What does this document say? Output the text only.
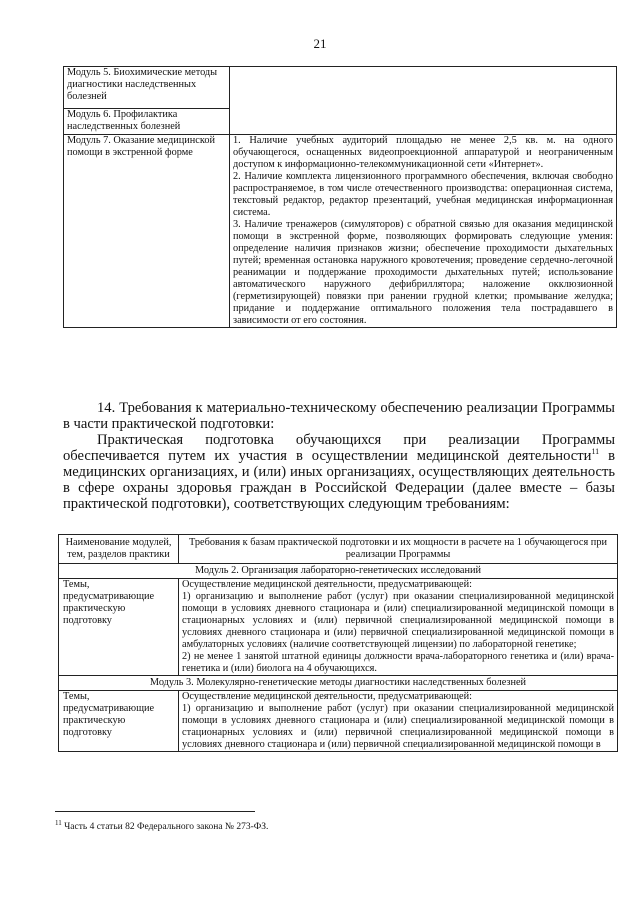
21
Модуль 5. Биохимические методы диагностики наследственных болезней	
Модуль 6. Профилактика наследственных болезней	
Модуль 7. Оказание медицинской помощи в экстренной форме	1. Наличие учебных аудиторий площадью не менее 2,5 кв. м. на одного обучающегося, оснащенных видеопроекционной аппаратурой и неограниченным доступом к информационно-телекоммуникационной сети «Интернет».

2. Наличие комплекта лицензионного программного обеспечения, включая свободно распространяемое, в том числе отечественного производства: операционная система, текстовый редактор, редактор презентаций, учебная медицинская информационная система.

3. Наличие тренажеров (симуляторов) с обратной связью для оказания медицинской помощи в экстренной форме, позволяющих формировать следующие умения: определение наличия признаков жизни; обеспечение проходимости дыхательных путей; временная остановка наружного кровотечения; проведение сердечно-легочной реанимации и поддержание проходимости дыхательных путей; использование автоматического наружного дефибриллятора; наложение окклюзионной (герметизирующей) повязки при ранении грудной клетки; промывание желудка; придание и поддержание оптимального положения тела пострадавшего в зависимости от его состояния.

14. Требования к материально-техническому обеспечению реализации Программы в части практической подготовки:

Практическая подготовка обучающихся при реализации Программы обеспечивается путем их участия в осуществлении медицинской деятельности$^{11}$ в медицинских организациях, и (или) иных организациях, осуществляющих деятельность в сфере охраны здоровья граждан в Российской Федерации (далее вместе – базы практической подготовки), соответствующих следующим требованиям:

Наименование модулей, тем, разделов практики	Требования к базам практической подготовки и их мощности в расчете на 1 обучающегося при реализации Программы
Модуль 2. Организация лабораторно-генетических исследований	
Темы, предусматривающие практическую подготовку	Осуществление медицинской деятельности, предусматривающей:

1) организацию и выполнение работ (услуг) при оказании специализированной медицинской помощи в условиях дневного стационара и (или) специализированной медицинской помощи в стационарных условиях и (или) первичной специализированной медицинской помощи в условиях дневного стационара и (или) первичной специализированной медицинской помощи в амбулаторных условиях (наличие соответствующей лицензии) по лабораторной генетике;

2) не менее 1 занятой штатной единицы должности врача-лабораторного генетика и (или) врача-генетика и (или) биолога на 4 обучающихся.

Модуль 3. Молекулярно-генетические методы диагностики наследственных болезней	
Темы, предусматривающие практическую подготовку	Осуществление медицинской деятельности, предусматривающей:

1) организацию и выполнение работ (услуг) при оказании специализированной медицинской помощи в условиях дневного стационара и (или) специализированной медицинской помощи в стационарных условиях и (или) первичной специализированной медицинской помощи в условиях дневного стационара и (или) первичной специализированной медицинской помощи в

$^{11}$ Часть 4 статьи 82 Федерального закона № 273-ФЗ.
